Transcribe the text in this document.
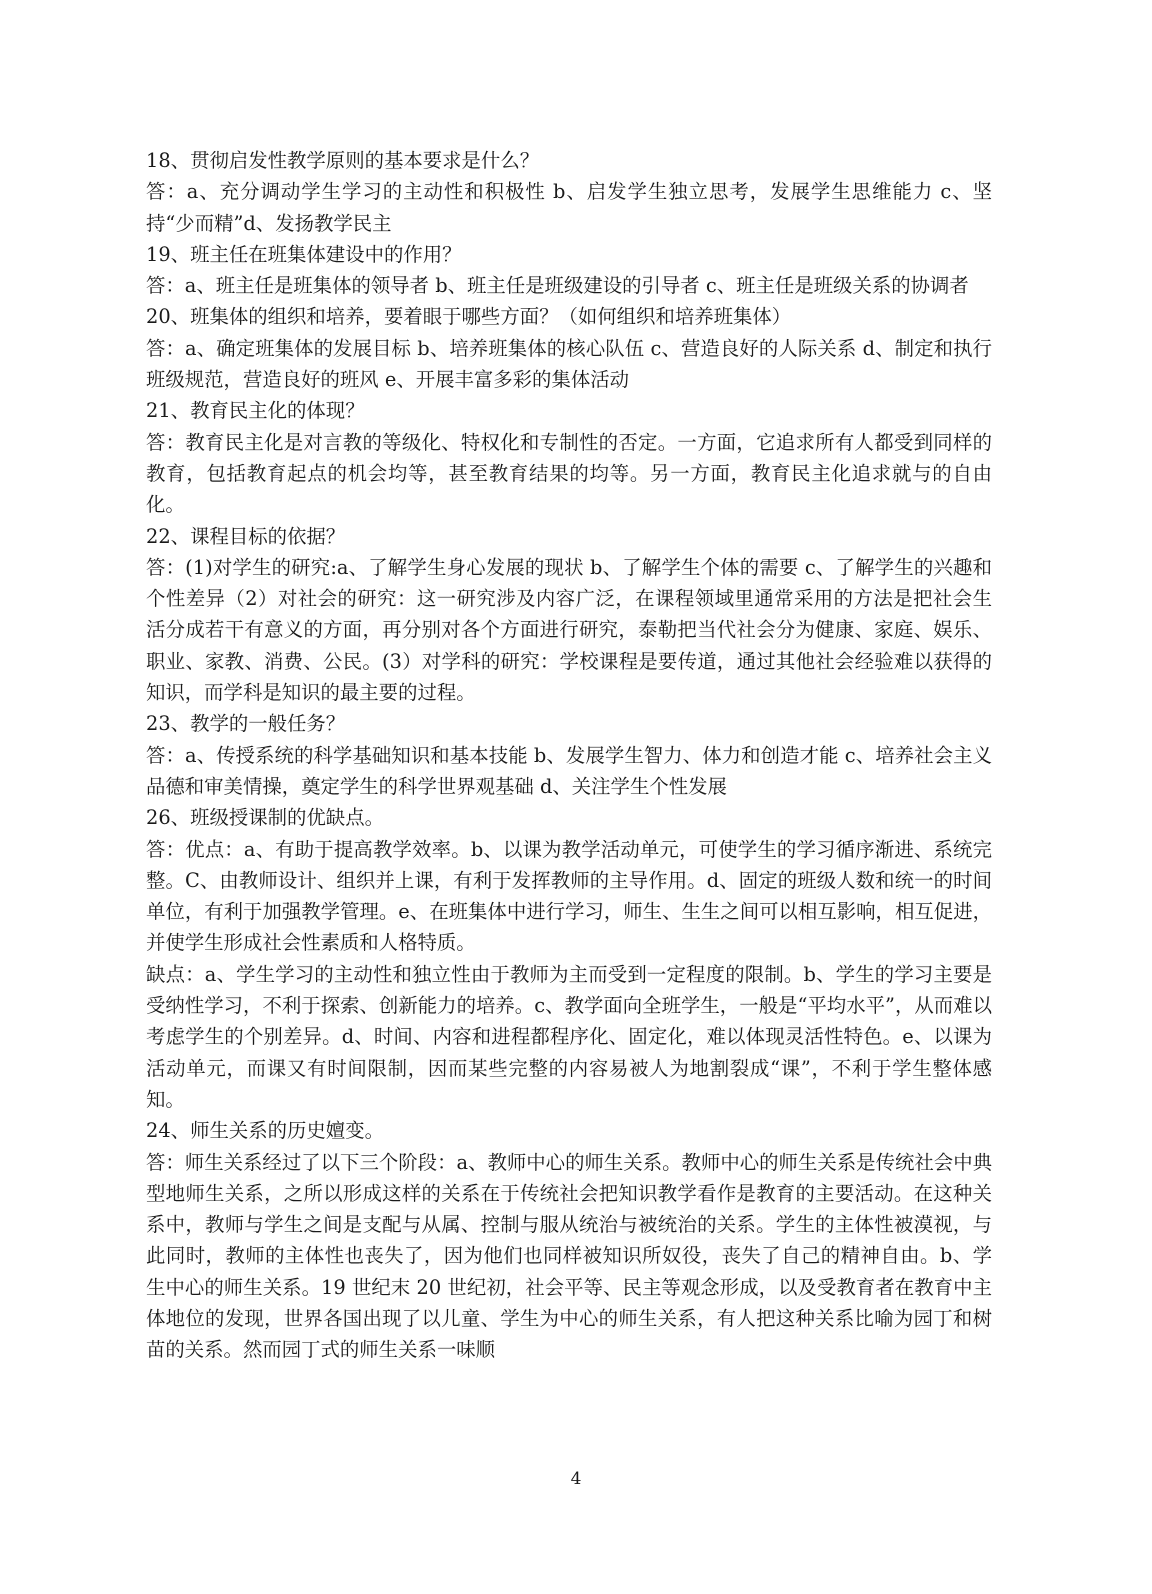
18、贯彻启发性教学原则的基本要求是什么？

答：a、充分调动学生学习的主动性和积极性 b、启发学生独立思考，发展学生思维能力 c、坚持“少而精”d、发扬教学民主

19、班主任在班集体建设中的作用？

答：a、班主任是班集体的领导者 b、班主任是班级建设的引导者 c、班主任是班级关系的协调者

20、班集体的组织和培养，要着眼于哪些方面？（如何组织和培养班集体）

答：a、确定班集体的发展目标 b、培养班集体的核心队伍 c、营造良好的人际关系 d、制定和执行班级规范，营造良好的班风 e、开展丰富多彩的集体活动

21、教育民主化的体现？

答：教育民主化是对言教的等级化、特权化和专制性的否定。一方面，它追求所有人都受到同样的教育，包括教育起点的机会均等，甚至教育结果的均等。另一方面，教育民主化追求就与的自由化。

22、课程目标的依据？

答：(1)对学生的研究:a、了解学生身心发展的现状 b、了解学生个体的需要 c、了解学生的兴趣和个性差异（2）对社会的研究：这一研究涉及内容广泛，在课程领域里通常采用的方法是把社会生活分成若干有意义的方面，再分别对各个方面进行研究，泰勒把当代社会分为健康、家庭、娱乐、职业、家教、消费、公民。(3）对学科的研究：学校课程是要传道，通过其他社会经验难以获得的知识，而学科是知识的最主要的过程。

23、教学的一般任务？

答：a、传授系统的科学基础知识和基本技能 b、发展学生智力、体力和创造才能 c、培养社会主义品德和审美情操，奠定学生的科学世界观基础 d、关注学生个性发展

26、班级授课制的优缺点。

答：优点：a、有助于提高教学效率。b、以课为教学活动单元，可使学生的学习循序渐进、系统完整。C、由教师设计、组织并上课，有利于发挥教师的主导作用。d、固定的班级人数和统一的时间单位，有利于加强教学管理。e、在班集体中进行学习，师生、生生之间可以相互影响，相互促进，并使学生形成社会性素质和人格特质。

缺点：a、学生学习的主动性和独立性由于教师为主而受到一定程度的限制。b、学生的学习主要是受纳性学习，不利于探索、创新能力的培养。c、教学面向全班学生，一般是“平均水平”，从而难以考虑学生的个别差异。d、时间、内容和进程都程序化、固定化，难以体现灵活性特色。e、以课为活动单元，而课又有时间限制，因而某些完整的内容易被人为地割裂成“课”，不利于学生整体感知。

24、师生关系的历史嬗变。

答：师生关系经过了以下三个阶段：a、教师中心的师生关系。教师中心的师生关系是传统社会中典型地师生关系，之所以形成这样的关系在于传统社会把知识教学看作是教育的主要活动。在这种关系中，教师与学生之间是支配与从属、控制与服从统治与被统治的关系。学生的主体性被漠视，与此同时，教师的主体性也丧失了，因为他们也同样被知识所奴役，丧失了自己的精神自由。b、学生中心的师生关系。19 世纪末 20 世纪初，社会平等、民主等观念形成，以及受教育者在教育中主体地位的发现，世界各国出现了以儿童、学生为中心的师生关系，有人把这种关系比喻为园丁和树苗的关系。然而园丁式的师生关系一味顺

4
